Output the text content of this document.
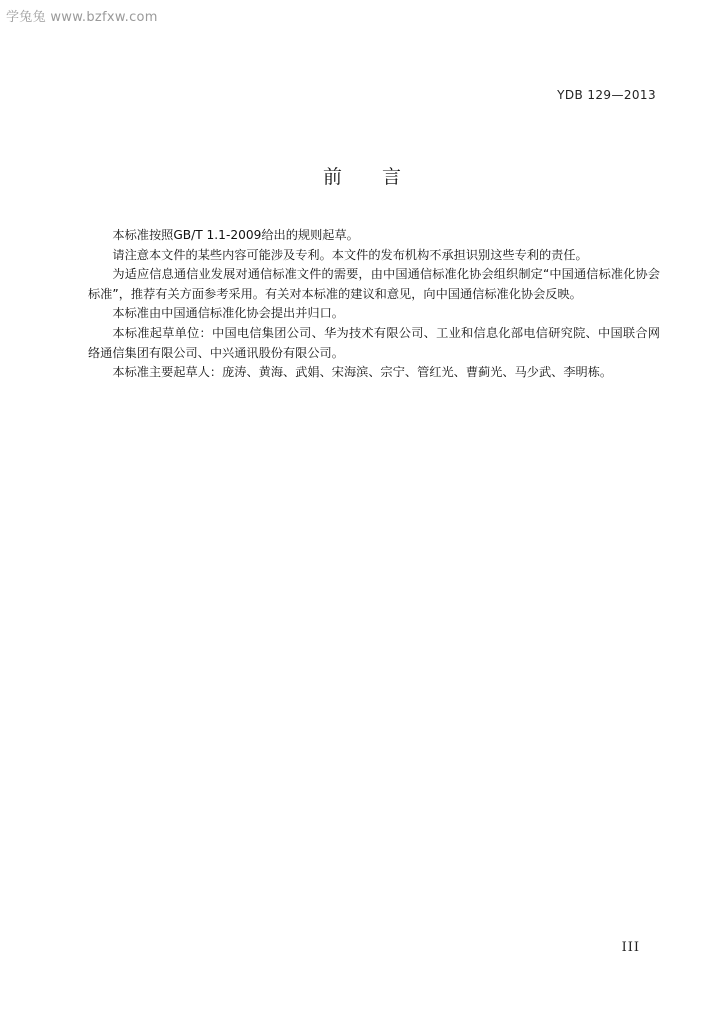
学兔兔 www.bzfxw.com
YDB 129—2013
前言

本标准按照GB/T 1.1-2009给出的规则起草。

请注意本文件的某些内容可能涉及专利。本文件的发布机构不承担识别这些专利的责任。

为适应信息通信业发展对通信标准文件的需要，由中国通信标准化协会组织制定“中国通信标准化协会标准”，推荐有关方面参考采用。有关对本标准的建议和意见，向中国通信标准化协会反映。

本标准由中国通信标准化协会提出并归口。

本标准起草单位：中国电信集团公司、华为技术有限公司、工业和信息化部电信研究院、中国联合网络通信集团有限公司、中兴通讯股份有限公司。

本标准主要起草人：庞涛、黄海、武娟、宋海滨、宗宁、管红光、曹蓟光、马少武、李明栋。

III
